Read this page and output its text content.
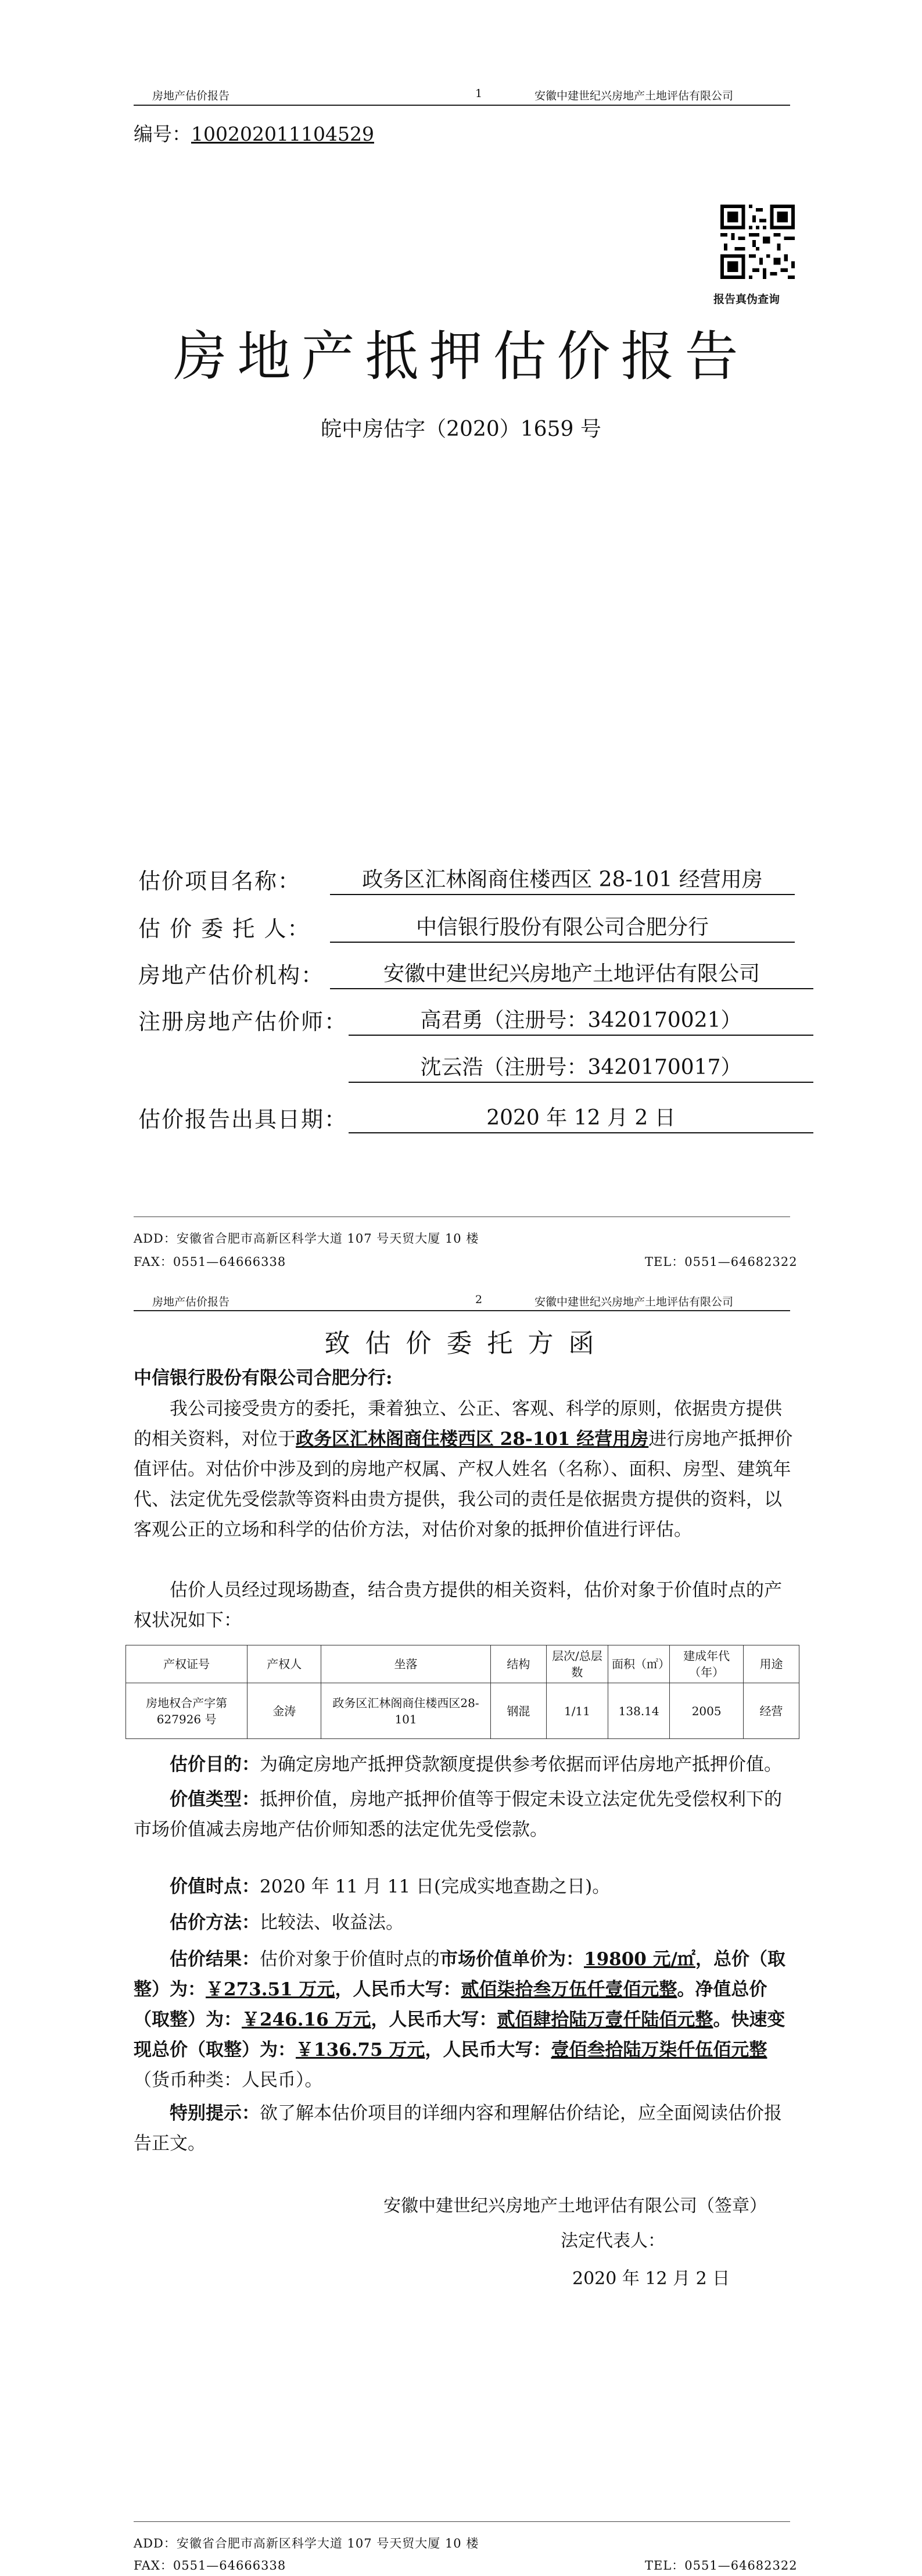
房地产估价报告	1	安徽中建世纪兴房地产土地评估有限公司
编号：100202011104529
报告真伪查询
房地产抵押估价报告
皖中房估字（2020）1659 号
估价项目名称：	政务区汇林阁商住楼西区 28-101 经营用房
估 价 委 托 人：	中信银行股份有限公司合肥分行
房地产估价机构：	安徽中建世纪兴房地产土地评估有限公司
注册房地产估价师：	高君勇（注册号：3420170021）
沈云浩（注册号：3420170017）
估价报告出具日期：	2020 年 12 月 2 日
ADD：安徽省合肥市高新区科学大道 107 号天贸大厦 10 楼
FAX：0551—64666338	TEL：0551—64682322
房地产估价报告	2	安徽中建世纪兴房地产土地评估有限公司
致 估 价 委 托 方 函
中信银行股份有限公司合肥分行:
我公司接受贵方的委托，秉着独立、公正、客观、科学的原则，依据贵方提供的相关资料，对位于政务区汇林阁商住楼西区 28-101 经营用房进行房地产抵押价值评估。对估价中涉及到的房地产权属、产权人姓名（名称）、面积、房型、建筑年代、法定优先受偿款等资料由贵方提供，我公司的责任是依据贵方提供的资料，以客观公正的立场和科学的估价方法，对估价对象的抵押价值进行评估。
估价人员经过现场勘查，结合贵方提供的相关资料，估价对象于价值时点的产权状况如下：
产权证号	产权人	坐落	结构	层次/总层数	面积（㎡）	建成年代（年）	用途
房地权合产字第627926 号	金涛	政务区汇林阁商住楼西区28-101	钢混	1/11	138.14	2005	经营
估价目的：为确定房地产抵押贷款额度提供参考依据而评估房地产抵押价值。
价值类型：抵押价值，房地产抵押价值等于假定未设立法定优先受偿权利下的市场价值减去房地产估价师知悉的法定优先受偿款。
价值时点：2020 年 11 月 11 日(完成实地查勘之日)。
估价方法：比较法、收益法。
估价结果：估价对象于价值时点的市场价值单价为：19800 元/㎡，总价（取整）为：￥273.51 万元，人民币大写：贰佰柒拾叁万伍仟壹佰元整。净值总价（取整）为：￥246.16 万元，人民币大写：贰佰肆拾陆万壹仟陆佰元整。快速变现总价（取整）为：￥136.75 万元，人民币大写：壹佰叁拾陆万柒仟伍佰元整（货币种类：人民币）。
特别提示：欲了解本估价项目的详细内容和理解估价结论，应全面阅读估价报告正文。
安徽中建世纪兴房地产土地评估有限公司（签章）
法定代表人：
2020 年 12 月 2 日
ADD：安徽省合肥市高新区科学大道 107 号天贸大厦 10 楼
FAX：0551—64666338	TEL：0551—64682322
